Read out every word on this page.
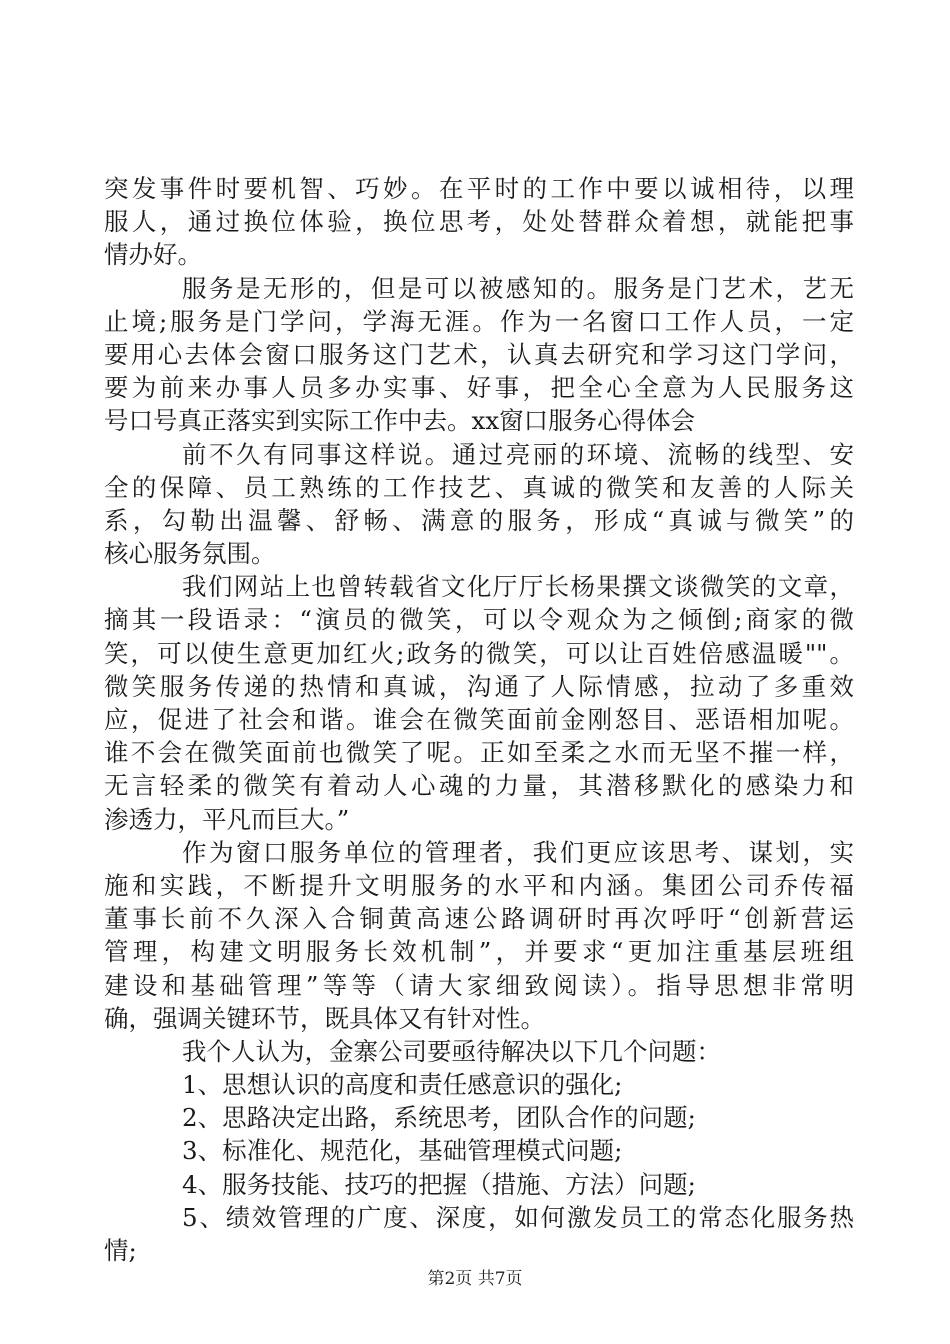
突发事件时要机智、巧妙。在平时的工作中要以诚相待，以理
服人，通过换位体验，换位思考，处处替群众着想，就能把事
情办好。
服务是无形的，但是可以被感知的。服务是门艺术，艺无
止境;服务是门学问，学海无涯。作为一名窗口工作人员，一定
要用心去体会窗口服务这门艺术，认真去研究和学习这门学问，
要为前来办事人员多办实事、好事，把全心全意为人民服务这
号口号真正落实到实际工作中去。xx窗口服务心得体会
前不久有同事这样说。通过亮丽的环境、流畅的线型、安
全的保障、员工熟练的工作技艺、真诚的微笑和友善的人际关
系，勾勒出温馨、舒畅、满意的服务，形成“真诚与微笑”的
核心服务氛围。
我们网站上也曾转载省文化厅厅长杨果撰文谈微笑的文章，
摘其一段语录：“演员的微笑，可以令观众为之倾倒;商家的微
笑，可以使生意更加红火;政务的微笑，可以让百姓倍感温暖""。
微笑服务传递的热情和真诚，沟通了人际情感，拉动了多重效
应，促进了社会和谐。谁会在微笑面前金刚怒目、恶语相加呢。
谁不会在微笑面前也微笑了呢。正如至柔之水而无坚不摧一样，
无言轻柔的微笑有着动人心魂的力量，其潜移默化的感染力和
渗透力，平凡而巨大。”
作为窗口服务单位的管理者，我们更应该思考、谋划，实
施和实践，不断提升文明服务的水平和内涵。集团公司乔传福
董事长前不久深入合铜黄高速公路调研时再次呼吁“创新营运
管理，构建文明服务长效机制”，并要求“更加注重基层班组
建设和基础管理”等等（请大家细致阅读）。指导思想非常明
确，强调关键环节，既具体又有针对性。
我个人认为，金寨公司要亟待解决以下几个问题：
1、思想认识的高度和责任感意识的强化;
2、思路决定出路，系统思考，团队合作的问题;
3、标准化、规范化，基础管理模式问题;
4、服务技能、技巧的把握（措施、方法）问题;
5、绩效管理的广度、深度，如何激发员工的常态化服务热
情;
第2页 共7页
